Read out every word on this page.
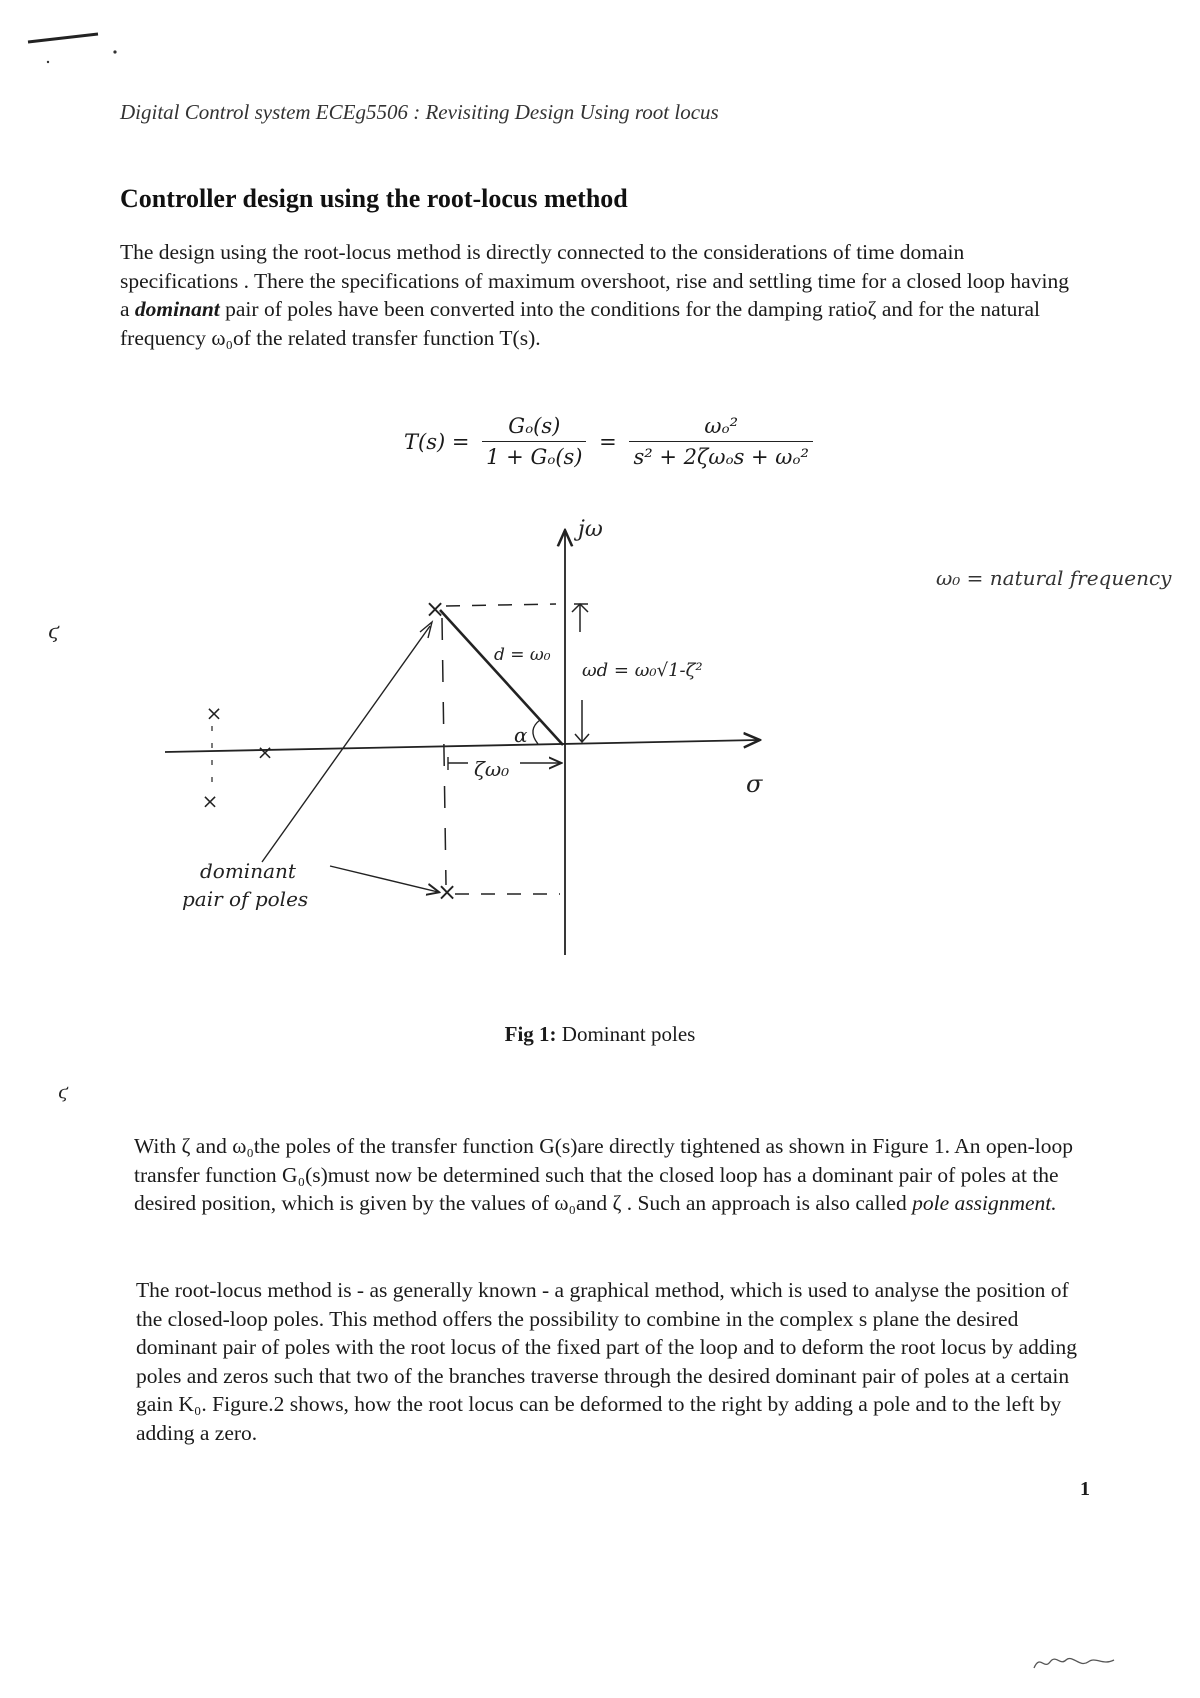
Digital Control system ECEg5506 : Revisiting Design Using root locus
Controller design using the root-locus method
The design using the root-locus method is directly connected to the considerations of time domain specifications . There the specifications of maximum overshoot, rise and settling time for a closed loop having a dominant pair of poles have been converted into the conditions for the damping ratioζ and for the natural frequency ω₀of the related transfer function T(s).
$T(s) = \frac{\text{Gₒ(s)}}{\text{1 + Gₒ(s)}} = \frac{\text{ωₒ²}}{\text{s² + 2ζωₒs + ωₒ²}}$
jω
σ
×
×
d = ω₀
ωd = ω₀√1-ζ²
α
ζω₀
×
×
×
dominant
pair of poles
ϛ
ϛ
ω₀ = natural frequency
Fig 1: Dominant poles
With ζ and ω₀the poles of the transfer function G(s)are directly tightened as shown in Figure 1. An open-loop transfer function G₀(s)must now be determined such that the closed loop has a dominant pair of poles at the desired position, which is given by the values of ω₀and ζ . Such an approach is also called pole assignment.
The root-locus method is - as generally known - a graphical method, which is used to analyse the position of the closed-loop poles. This method offers the possibility to combine in the complex s plane the desired dominant pair of poles with the root locus of the fixed part of the loop and to deform the root locus by adding poles and zeros such that two of the branches traverse through the desired dominant pair of poles at a certain gain K₀. Figure.2 shows, how the root locus can be deformed to the right by adding a pole and to the left by adding a zero.
1
